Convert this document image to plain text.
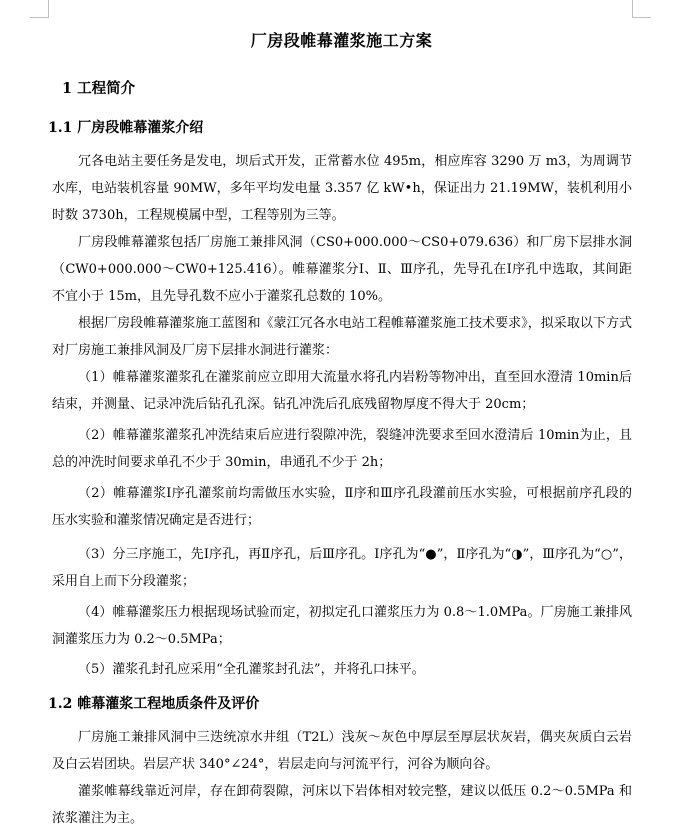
厂房段帷幕灌浆施工方案
1 工程简介
1.1 厂房段帷幕灌浆介绍

冗各电站主要任务是发电，坝后式开发，正常蓄水位 495m，相应库容 3290 万 m3，为周调节水库，电站装机容量 90MW，多年平均发电量 3.357 亿 kW•h，保证出力 21.19MW，装机利用小时数 3730h，工程规模属中型，工程等别为三等。

厂房段帷幕灌浆包括厂房施工兼排风洞（CS0+000.000～CS0+079.636）和厂房下层排水洞（CW0+000.000～CW0+125.416）。帷幕灌浆分Ⅰ、Ⅱ、Ⅲ序孔，先导孔在Ⅰ序孔中选取，其间距不宜小于 15m，且先导孔数不应小于灌浆孔总数的 10%。

根据厂房段帷幕灌浆施工蓝图和《蒙江冗各水电站工程帷幕灌浆施工技术要求》，拟采取以下方式对厂房施工兼排风洞及厂房下层排水洞进行灌浆：

（1）帷幕灌浆灌浆孔在灌浆前应立即用大流量水将孔内岩粉等物冲出，直至回水澄清 10min后结束，并测量、记录冲洗后钻孔孔深。钻孔冲洗后孔底残留物厚度不得大于 20cm；

（2）帷幕灌浆灌浆孔冲洗结束后应进行裂隙冲洗，裂缝冲洗要求至回水澄清后 10min为止，且总的冲洗时间要求单孔不少于 30min，串通孔不少于 2h；

（2）帷幕灌浆Ⅰ序孔灌浆前均需做压水实验，Ⅱ序和Ⅲ序孔段灌前压水实验，可根据前序孔段的压水实验和灌浆情况确定是否进行；

（3）分三序施工，先Ⅰ序孔，再Ⅱ序孔，后Ⅲ序孔。Ⅰ序孔为“●”，Ⅱ序孔为“◑”，Ⅲ序孔为“○”，采用自上而下分段灌浆；

（4）帷幕灌浆压力根据现场试验而定，初拟定孔口灌浆压力为 0.8～1.0MPa。厂房施工兼排风洞灌浆压力为 0.2～0.5MPa；

（5）灌浆孔封孔应采用“全孔灌浆封孔法”，并将孔口抹平。

1.2 帷幕灌浆工程地质条件及评价

厂房施工兼排风洞中三迭统凉水井组（T2L）浅灰～灰色中厚层至厚层状灰岩，偶夹灰质白云岩及白云岩团块。岩层产状 340°∠24°，岩层走向与河流平行，河谷为顺向谷。

灌浆帷幕线靠近河岸，存在卸荷裂隙，河床以下岩体相对较完整，建议以低压 0.2～0.5MPa 和浓浆灌注为主。
